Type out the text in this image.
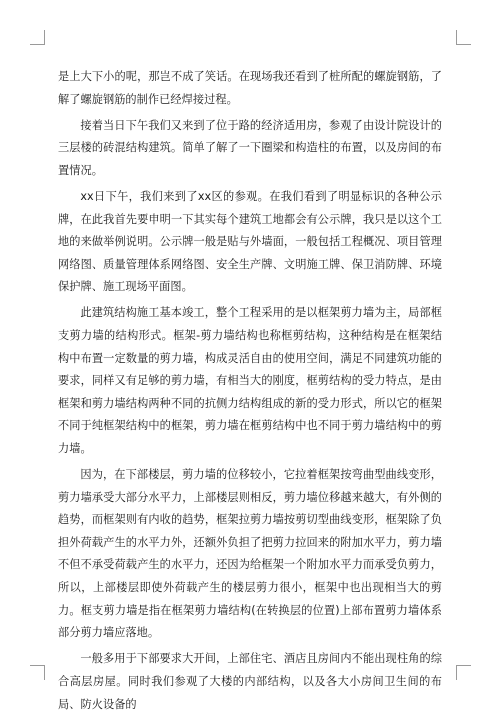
是上大下小的呢，那岂不成了笑话。在现场我还看到了桩所配的螺旋钢筋，了解了螺旋钢筋的制作已经焊接过程。

接着当日下午我们又来到了位于路的经济适用房，参观了由设计院设计的三层楼的砖混结构建筑。简单了解了一下圈梁和构造柱的布置，以及房间的布置情况。

xx日下午，我们来到了xx区的参观。在我们看到了明显标识的各种公示牌，在此我首先要申明一下其实每个建筑工地都会有公示牌，我只是以这个工地的来做举例说明。公示牌一般是贴与外墙面，一般包括工程概况、项目管理网络图、质量管理体系网络图、安全生产牌、文明施工牌、保卫消防牌、环境保护牌、施工现场平面图。

此建筑结构施工基本竣工，整个工程采用的是以框架剪力墙为主，局部框支剪力墙的结构形式。框架-剪力墙结构也称框剪结构，这种结构是在框架结构中布置一定数量的剪力墙，构成灵活自由的使用空间，满足不同建筑功能的要求，同样又有足够的剪力墙，有相当大的刚度，框剪结构的受力特点，是由框架和剪力墙结构两种不同的抗侧力结构组成的新的受力形式，所以它的框架不同于纯框架结构中的框架，剪力墙在框剪结构中也不同于剪力墙结构中的剪力墙。

因为，在下部楼层，剪力墙的位移较小，它拉着框架按弯曲型曲线变形，剪力墙承受大部分水平力，上部楼层则相反，剪力墙位移越来越大，有外侧的趋势，而框架则有内收的趋势，框架拉剪力墙按剪切型曲线变形，框架除了负担外荷载产生的水平力外，还额外负担了把剪力拉回来的附加水平力，剪力墙不但不承受荷载产生的水平力，还因为给框架一个附加水平力而承受负剪力，所以，上部楼层即使外荷载产生的楼层剪力很小，框架中也出现相当大的剪力。框支剪力墙是指在框架剪力墙结构(在转换层的位置)上部布置剪力墙体系部分剪力墙应落地。

一般多用于下部要求大开间，上部住宅、酒店且房间内不能出现柱角的综合高层房屋。同时我们参观了大楼的内部结构，以及各大小房间卫生间的布局、防火设备的
